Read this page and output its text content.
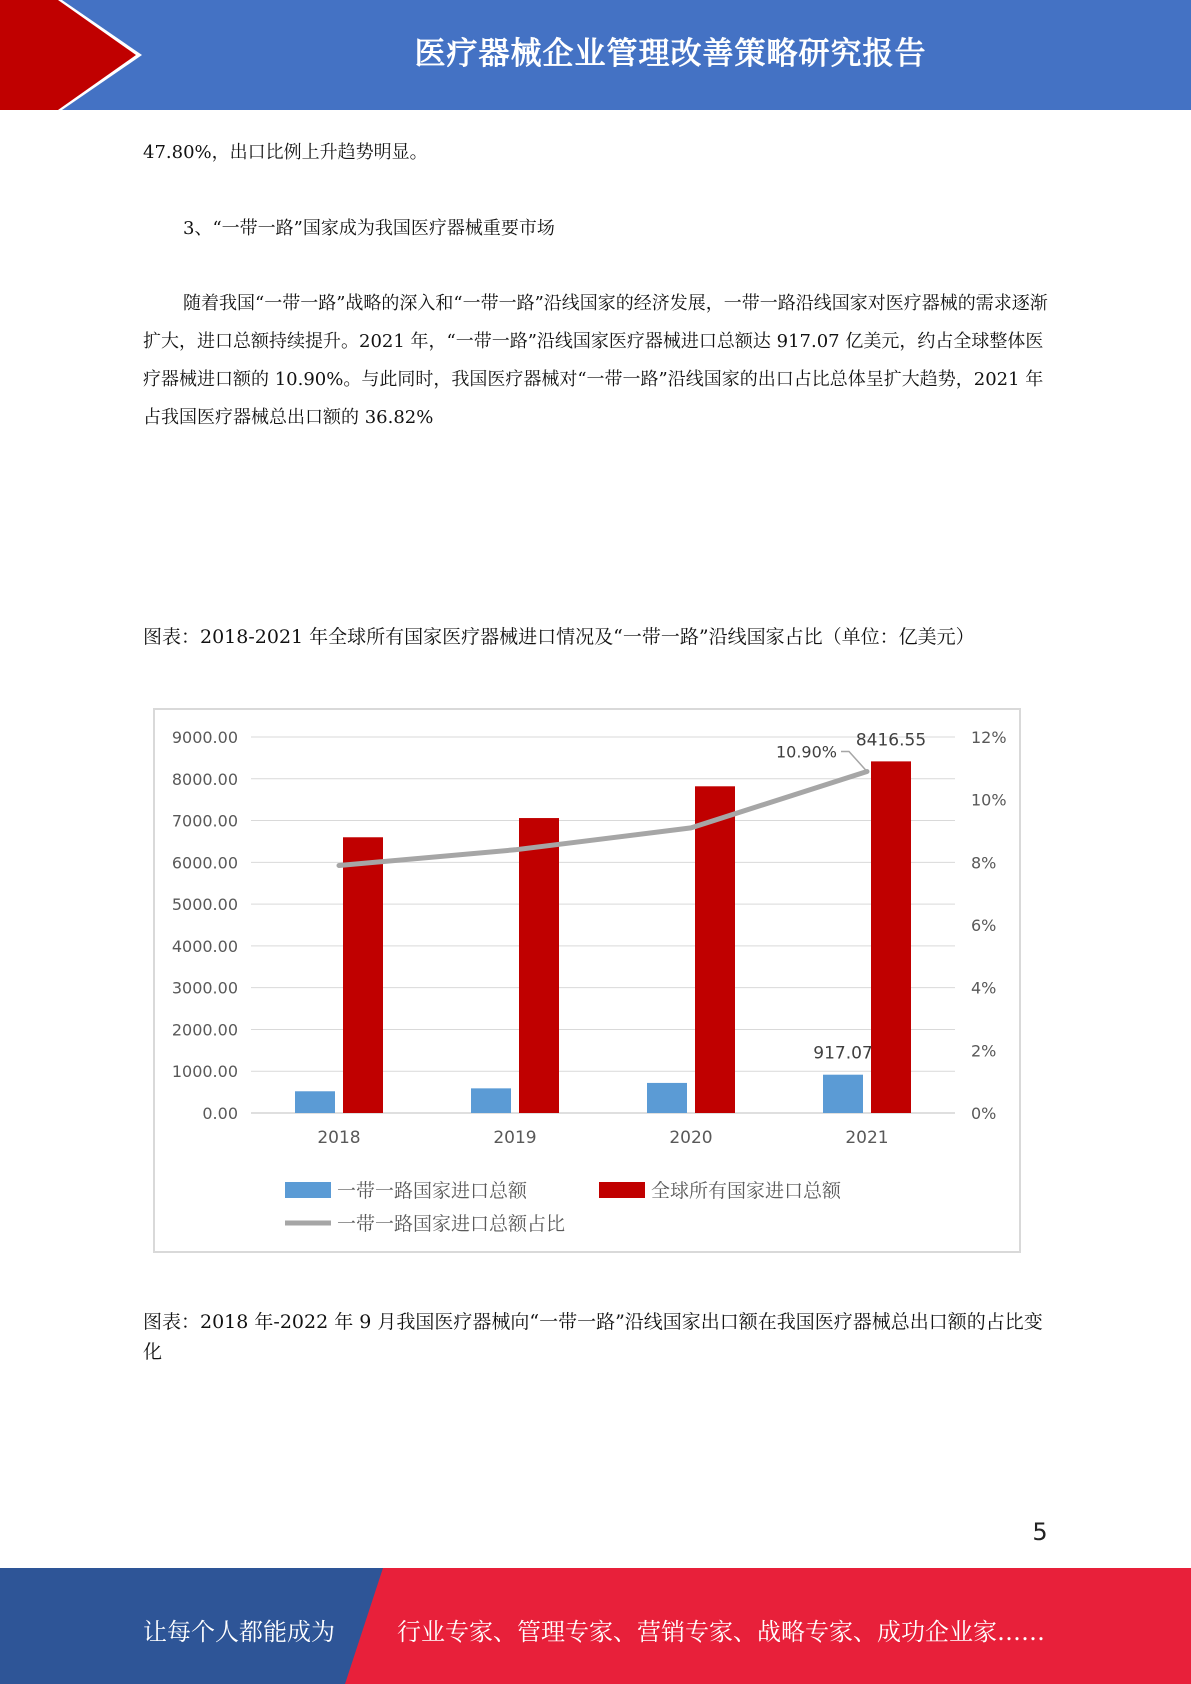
医疗器械企业管理改善策略研究报告

47.80%，出口比例上升趋势明显。

3、“一带一路”国家成为我国医疗器械重要市场

随着我国“一带一路”战略的深入和“一带一路”沿线国家的经济发展，一带一路沿线国家对医疗器械的需求逐渐扩大，进口总额持续提升。2021 年，“一带一路”沿线国家医疗器械进口总额达 917.07 亿美元，约占全球整体医疗器械进口额的 10.90%。与此同时，我国医疗器械对“一带一路”沿线国家的出口占比总体呈扩大趋势，2021 年占我国医疗器械总出口额的 36.82%

图表：2018-2021 年全球所有国家医疗器械进口情况及“一带一路”沿线国家占比（单位：亿美元）

0.00
1000.00
2000.00
3000.00
4000.00
5000.00
6000.00
7000.00
8000.00
9000.00
0%
2%
4%
6%
8%
10%
12%
2018	2019	2020	2021
917.07
8416.55
10.90%
一带一路国家进口总额	全球所有国家进口总额
一带一路国家进口总额占比

图表：2018 年-2022 年 9 月我国医疗器械向“一带一路”沿线国家出口额在我国医疗器械总出口额的占比变化

5
让每个人都能成为	行业专家、管理专家、营销专家、战略专家、成功企业家……
